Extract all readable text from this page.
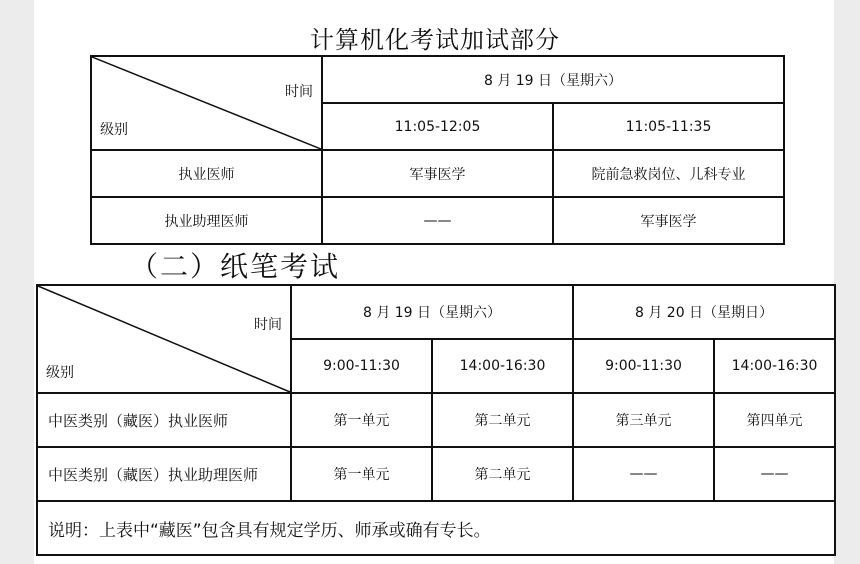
计算机化考试加试部分
时间
级别	8 月 19 日（星期六）	
	11:05-12:05	11:05-11:35
执业医师	军事医学	院前急救岗位、儿科专业
执业助理医师	——	军事医学
（二）纸笔考试
时间
级别	8 月 19 日（星期六）		8 月 20 日（星期日）	
	9:00-11:30	14:00-16:30	9:00-11:30	14:00-16:30
中医类别（藏医）执业医师	第一单元	第二单元	第三单元	第四单元
中医类别（藏医）执业助理医师	第一单元	第二单元	——	——
说明：上表中“藏医”包含具有规定学历、师承或确有专长。				
